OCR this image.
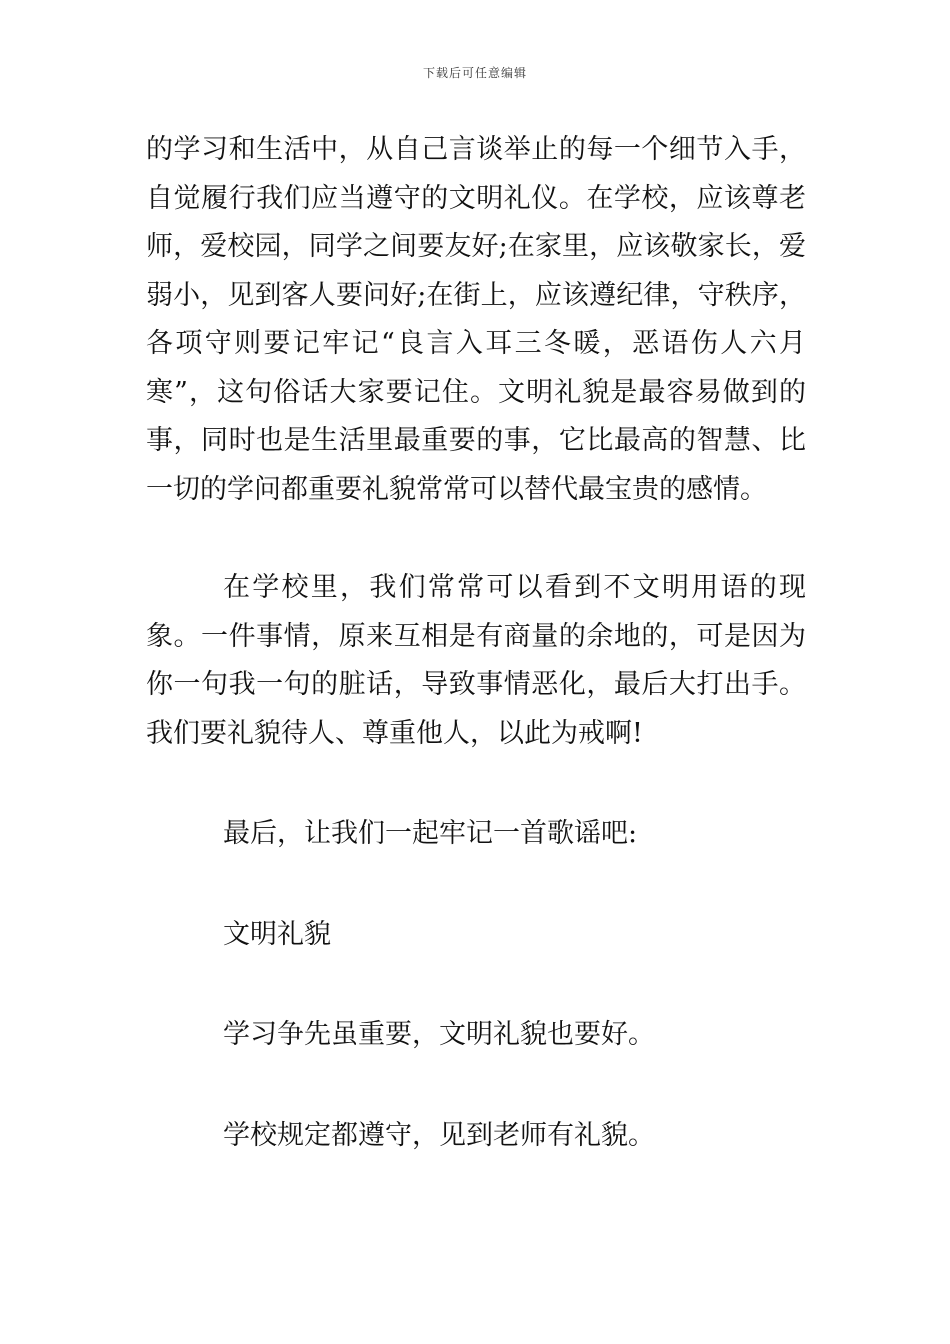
下载后可任意编辑

的学习和生活中，从自己言谈举止的每一个细节入手，自觉履行我们应当遵守的文明礼仪。在学校，应该尊老师，爱校园，同学之间要友好;在家里，应该敬家长，爱弱小，见到客人要问好;在街上，应该遵纪律，守秩序，各项守则要记牢记“良言入耳三冬暖，恶语伤人六月寒”，这句俗话大家要记住。文明礼貌是最容易做到的事，同时也是生活里最重要的事，它比最高的智慧、比一切的学问都重要礼貌常常可以替代最宝贵的感情。

在学校里，我们常常可以看到不文明用语的现象。一件事情，原来互相是有商量的余地的，可是因为你一句我一句的脏话，导致事情恶化，最后大打出手。我们要礼貌待人、尊重他人，以此为戒啊!

最后，让我们一起牢记一首歌谣吧:

文明礼貌

学习争先虽重要，文明礼貌也要好。

学校规定都遵守，见到老师有礼貌。
